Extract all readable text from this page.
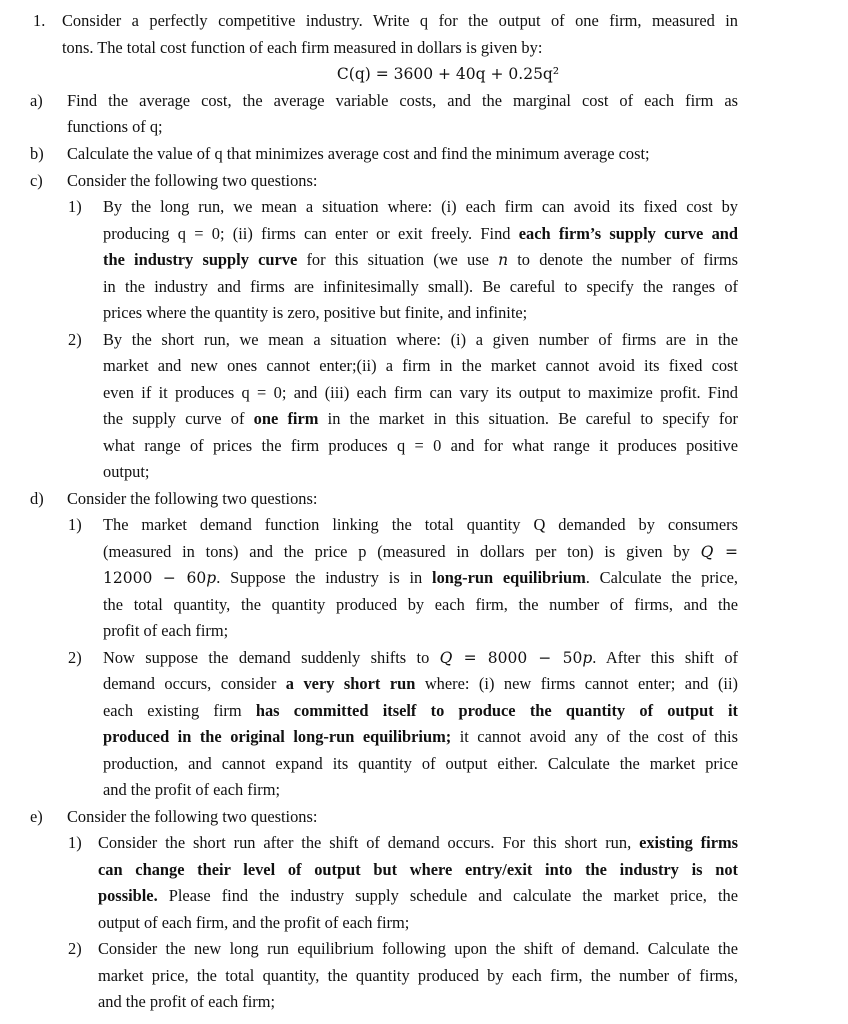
1. Consider a perfectly competitive industry. Write q for the output of one firm, measured in
tons. The total cost function of each firm measured in dollars is given by:
C(q) = 3600 + 40q + 0.25q²
a) Find the average cost, the average variable costs, and the marginal cost of each firm as
functions of q;
b) Calculate the value of q that minimizes average cost and find the minimum average cost;
c) Consider the following two questions:
1) By the long run, we mean a situation where: (i) each firm can avoid its fixed cost by
producing q = 0; (ii) firms can enter or exit freely. Find each firm’s supply curve and
the industry supply curve for this situation (we use n to denote the number of firms
in the industry and firms are infinitesimally small). Be careful to specify the ranges of
prices where the quantity is zero, positive but finite, and infinite;
2) By the short run, we mean a situation where: (i) a given number of firms are in the
market and new ones cannot enter;(ii) a firm in the market cannot avoid its fixed cost
even if it produces q = 0; and (iii) each firm can vary its output to maximize profit. Find
the supply curve of one firm in the market in this situation. Be careful to specify for
what range of prices the firm produces q = 0 and for what range it produces positive
output;
d) Consider the following two questions:
1) The market demand function linking the total quantity Q demanded by consumers
(measured in tons) and the price p (measured in dollars per ton) is given by Q =
12000 − 60p. Suppose the industry is in long-run equilibrium. Calculate the price,
the total quantity, the quantity produced by each firm, the number of firms, and the
profit of each firm;
2) Now suppose the demand suddenly shifts to Q = 8000 − 50p. After this shift of
demand occurs, consider a very short run where: (i) new firms cannot enter; and (ii)
each existing firm has committed itself to produce the quantity of output it
produced in the original long-run equilibrium; it cannot avoid any of the cost of this
production, and cannot expand its quantity of output either. Calculate the market price
and the profit of each firm;
e) Consider the following two questions:
1) Consider the short run after the shift of demand occurs. For this short run, existing firms
can change their level of output but where entry/exit into the industry is not
possible. Please find the industry supply schedule and calculate the market price, the
output of each firm, and the profit of each firm;
2) Consider the new long run equilibrium following upon the shift of demand. Calculate the
market price, the total quantity, the quantity produced by each firm, the number of firms,
and the profit of each firm;
